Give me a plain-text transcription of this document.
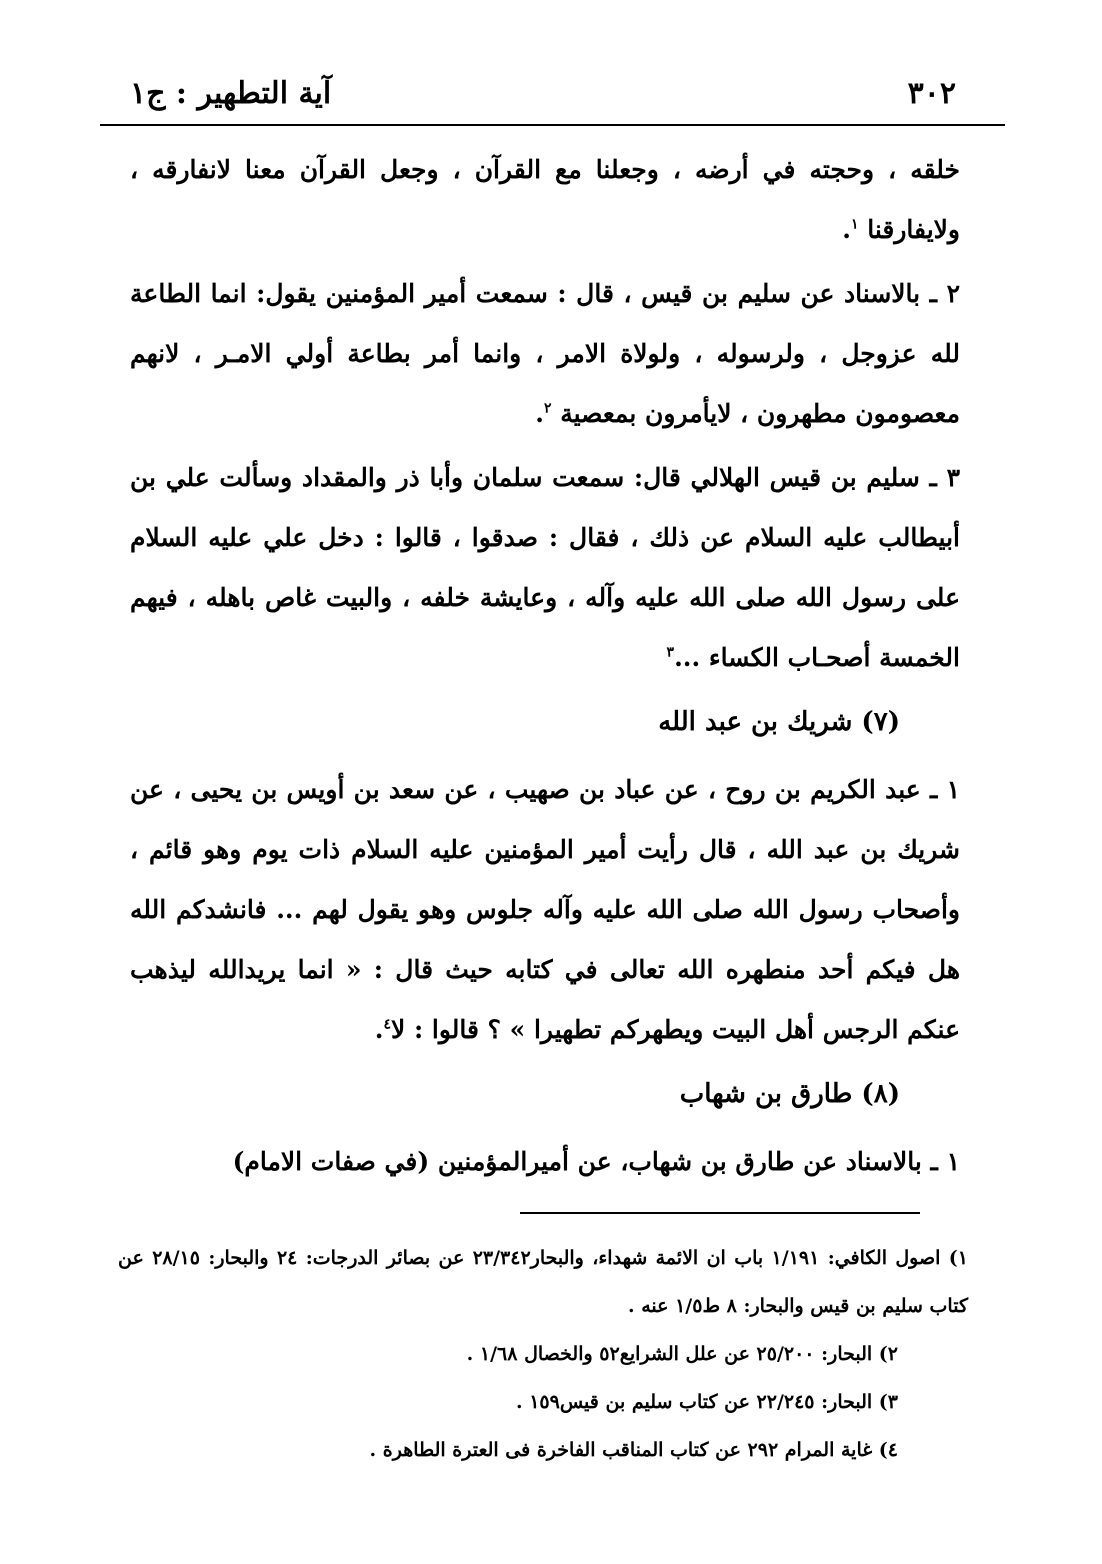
٣٠٢
آية التطهير : ج١

خلقه ، وحجته في أرضه ، وجعلنا مع القرآن ، وجعل القرآن معنا لانفارقه ، ولايفارقنا $^١$.

٢ ـ بالاسناد عن سليم بن قيس ، قال : سمعت أمير المؤمنين يقول: انما الطاعة لله عزوجل ، ولرسوله ، ولولاة الامر ، وانما أمر بطاعة أولي الامـر ، لانهم معصومون مطهرون ، لايأمرون بمعصية $^٢$.

٣ ـ سليم بن قيس الهلالي قال: سمعت سلمان وأبا ذر والمقداد وسألت علي بن أبيطالب عليه السلام عن ذلك ، فقال : صدقوا ، قالوا : دخل علي عليه السلام على رسول الله صلى الله عليه وآله ، وعايشة خلفه ، والبيت غاص باهله ، فيهم الخمسة أصحـاب الكساء ...$^٣$

(٧) شريك بن عبد الله

١ ـ عبد الكريم بن روح ، عن عباد بن صهيب ، عن سعد بن أويس بن يحيى ، عن شريك بن عبد الله ، قال رأيت أمير المؤمنين عليه السلام ذات يوم وهو قائم ، وأصحاب رسول الله صلى الله عليه وآله جلوس وهو يقول لهم ... فانشدكم الله هل فيكم أحد منطهره الله تعالى في كتابه حيث قال : « انما يريدالله ليذهب عنكم الرجس أهل البيت ويطهركم تطهيرا » ؟ قالوا : لا$^٤$.

(٨) طارق بن شهاب

١ ـ بالاسناد عن طارق بن شهاب، عن أميرالمؤمنين (في صفات الامام)

١) اصول الكافي: ١/١٩١ باب ان الائمة شهداء، والبحار٢٣/٣٤٢ عن بصائر الدرجات: ٢٤ والبحار: ٢٨/١٥ عن كتاب سليم بن قيس والبحار: ٨ ط١/٥ عنه .

٢) البحار: ٢٥/٢٠٠ عن علل الشرايع٥٢ والخصال ١/٦٨ .

٣) البحار: ٢٢/٢٤٥ عن كتاب سليم بن قيس١٥٩ .

٤) غاية المرام ٢٩٢ عن كتاب المناقب الفاخرة فى العترة الطاهرة .
